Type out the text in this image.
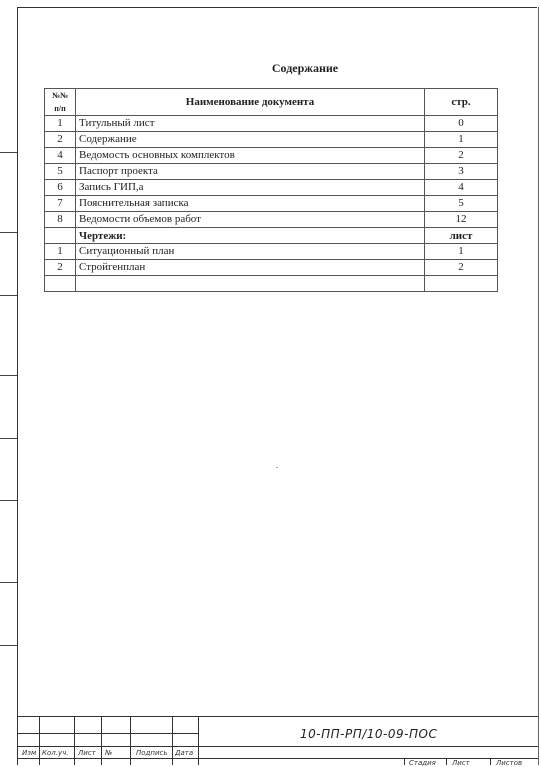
Содержание
№№ п/п	Наименование документа	стр.
1	Титульный лист	0
2	Содержание	1
4	Ведомость основных комплектов	2
5	Паспорт проекта	3
6	Запись ГИП,а	4
7	Пояснительная записка	5
8	Ведомости объемов работ	12
	Чертежи:	лист
1	Ситуационный план	1
2	Стройгенплан	2

10-ПП-РП/10-09-ПОС
Изм Кол.уч. Лист №	Подпись Дата
Стадия Лист	Листов
